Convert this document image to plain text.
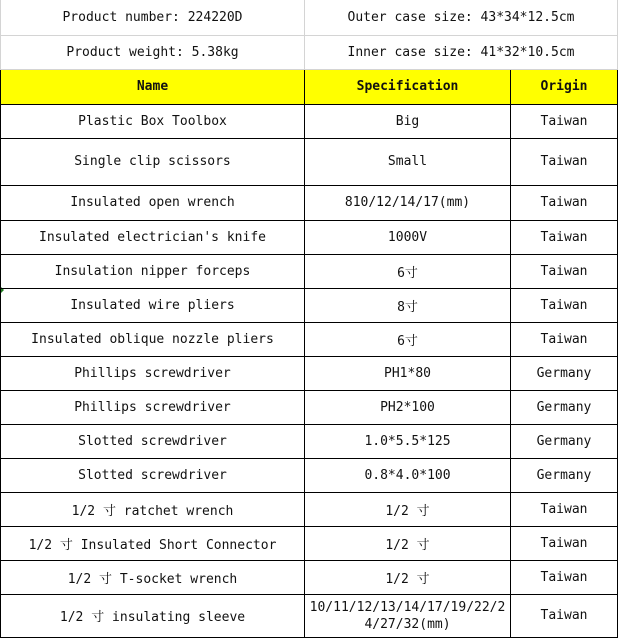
Product number: 224220D	Outer case size: 43*34*12.5cm	
Product weight: 5.38kg	Inner case size: 41*32*10.5cm	
Name	Specification	Origin
Plastic Box Toolbox	Big	Taiwan
Single clip scissors	Small	Taiwan
Insulated open wrench	810/12/14/17(mm)	Taiwan
Insulated electrician's knife	1000V	Taiwan
Insulation nipper forceps	6寸	Taiwan
Insulated wire pliers	8寸	Taiwan
Insulated oblique nozzle pliers	6寸	Taiwan
Phillips screwdriver	PH1*80	Germany
Phillips screwdriver	PH2*100	Germany
Slotted screwdriver	1.0*5.5*125	Germany
Slotted screwdriver	0.8*4.0*100	Germany
1/2 寸 ratchet wrench	1/2 寸	Taiwan
1/2 寸 Insulated Short Connector	1/2 寸	Taiwan
1/2 寸 T-socket wrench	1/2 寸	Taiwan
1/2 寸 insulating sleeve	10/11/12/13/14/17/19/22/24/27/32(mm)	Taiwan
